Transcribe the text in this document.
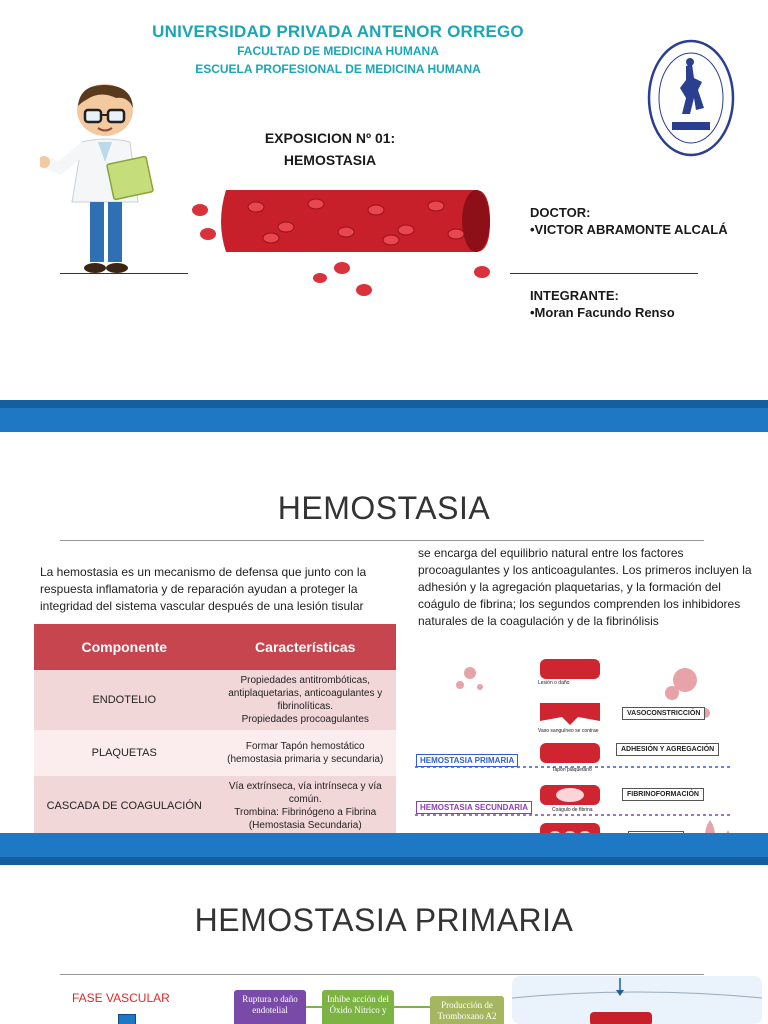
UNIVERSIDAD PRIVADA ANTENOR ORREGO
FACULTAD DE MEDICINA HUMANA
ESCUELA PROFESIONAL DE MEDICINA HUMANA
EXPOSICION Nº 01:
HEMOSTASIA
DOCTOR:
•VICTOR ABRAMONTE ALCALÁ
INTEGRANTE:
•Moran Facundo Renso
HEMOSTASIA
La hemostasia es un mecanismo de defensa que junto con la respuesta inflamatoria y de reparación ayudan a proteger la integridad del sistema vascular después de una lesión tisular
se encarga del equilibrio natural entre los factores procoagulantes y los anticoagulantes. Los primeros incluyen la adhesión y la agregación plaquetarias, y la formación del coágulo de fibrina; los segundos comprenden los inhibidores naturales de la coagulación y de la fibrinólisis
Componente	Características
ENDOTELIO	Propiedades antitrombóticas,
antiplaquetarias, anticoagulantes y
fibrinolíticas.
Propiedades procoagulantes

PLAQUETAS	Formar Tapón hemostático
(hemostasia primaria y secundaria)

CASCADA DE COAGULACIÓN	Vía extrínseca, vía intrínseca y vía
común.
Trombina: Fibrinógeno a Fibrina
(Hemostasia Secundaria)
Lesión o daño
Vaso sanguíneo se contrae
Tapón plaquetario
Coágulo de fibrina
VASOCONSTRICCIÓN
ADHESIÓN Y AGREGACIÓN
FIBRINOFORMACIÓN
HEMOSTASIA PRIMARIA
HEMOSTASIA SECUNDARIA
HEMOSTASIA PRIMARIA
FASE VASCULAR	Ruptura o daño endotelial
Inhibe acción del Óxido Nítrico y	Producción de Tromboxano A2
